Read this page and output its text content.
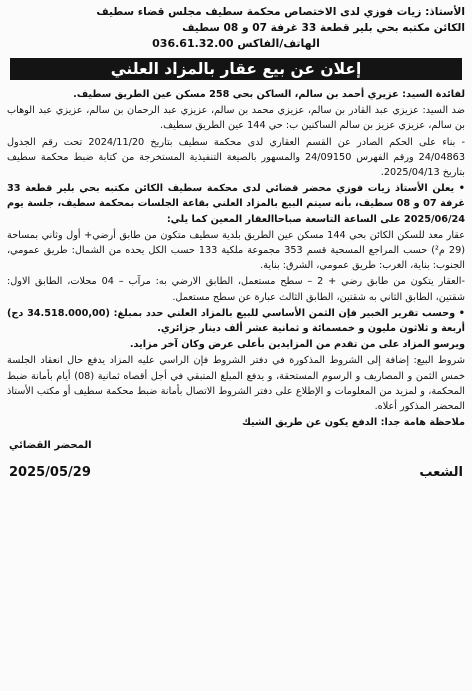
الأستاذ: زيات فوزي لدى الاختصاص محكمة سطيف مجلس قضاء سطيف
الكائن مكتبه بحي بلير قطعة 33 غرفة 07 و 08 سطيف
الهاتف/الفاكس 036.61.32.00
إعلان عن بيع عقار بالمزاد العلني

لفائدة السيد: عزيري أحمد بن سالم، الساكن بحي 258 مسكن عين الطريق سطيف.

ضد السيد: عزيزي عبد القادر بن سالم، عزيزي محمد بن سالم، عزيزي عبد الرحمان بن سالم، عزيزي عبد الوهاب بن سالم، عزيزي عزيز بن سالم الساكنين ب: حي 144 عين الطريق سطيف.

- بناء على الحكم الصادر عن القسم العقاري لدى محكمة سطيف بتاريخ 2024/11/20 تحت رقم الجدول 24/04863 ورقم الفهرس 24/09150 والمسهور بالصيغة التنفيذية المستخرجة من كتابة ضبط محكمة سطيف بتاريخ 2025/04/13.

• يعلن الأستاذ زيات فوزي محضر قضائي لدى محكمة سطيف الكائن مكتبه بحي بلير قطعة 33 غرفة 07 و 08 سطيف، بأنه سيتم البيع بالمزاد العلني بقاعة الجلسات بمحكمة سطيف، جلسة يوم 2025/06/24 على الساعة التاسعة صباحاالعقار المعين كما يلي:

عقار معد للسكن الكائن بحي 144 مسكن عين الطريق بلدية سطيف متكون من طابق أرضي+ أول وثاني بمساحة (29 م²) حسب المراجع المسحية قسم 353 مجموعة ملكية 133 حسب الكل يحده من الشمال: طريق عمومي، الجنوب: بناية، الغرب: طريق عمومي، الشرق: بناية.

-العقار يتكون من طابق رضي + 2 – سطح مستعمل، الطابق الارضي به: مرآب – 04 محلات، الطابق الاول: شقتين، الطابق الثاني به شقتين، الطابق الثالث عبارة عن سطح مستعمل.

• وحسب تقرير الخبير فإن الثمن الأساسي للبيع بالمزاد العلني حدد بمبلغ: (34.518.000,00 دج) أربعة و ثلاثون مليون و خمسمائة و ثمانية عشر ألف دينار جزائري.

ويرسو المزاد على من تقدم من المزايدين بأعلى عرض وكان آخر مزايد.

شروط البيع: إضافة إلى الشروط المذكورة في دفتر الشروط فإن الراسي عليه المزاد يدفع حال انعقاد الجلسة خمس الثمن و المصاريف و الرسوم المستحقة، و يدفع المبلغ المتبقي في أجل أقصاه ثمانية (08) أيام بأمانة ضبط المحكمة، و لمزيد من المعلومات و الإطلاع على دفتر الشروط الاتصال بأمانة ضبط محكمة سطيف أو مكتب الأستاذ المحضر المذكور أعلاه.

ملاحظة هامة جدا: الدفع يكون عن طريق الشيك

المحضر القضائي
الشعب
2025/05/29
